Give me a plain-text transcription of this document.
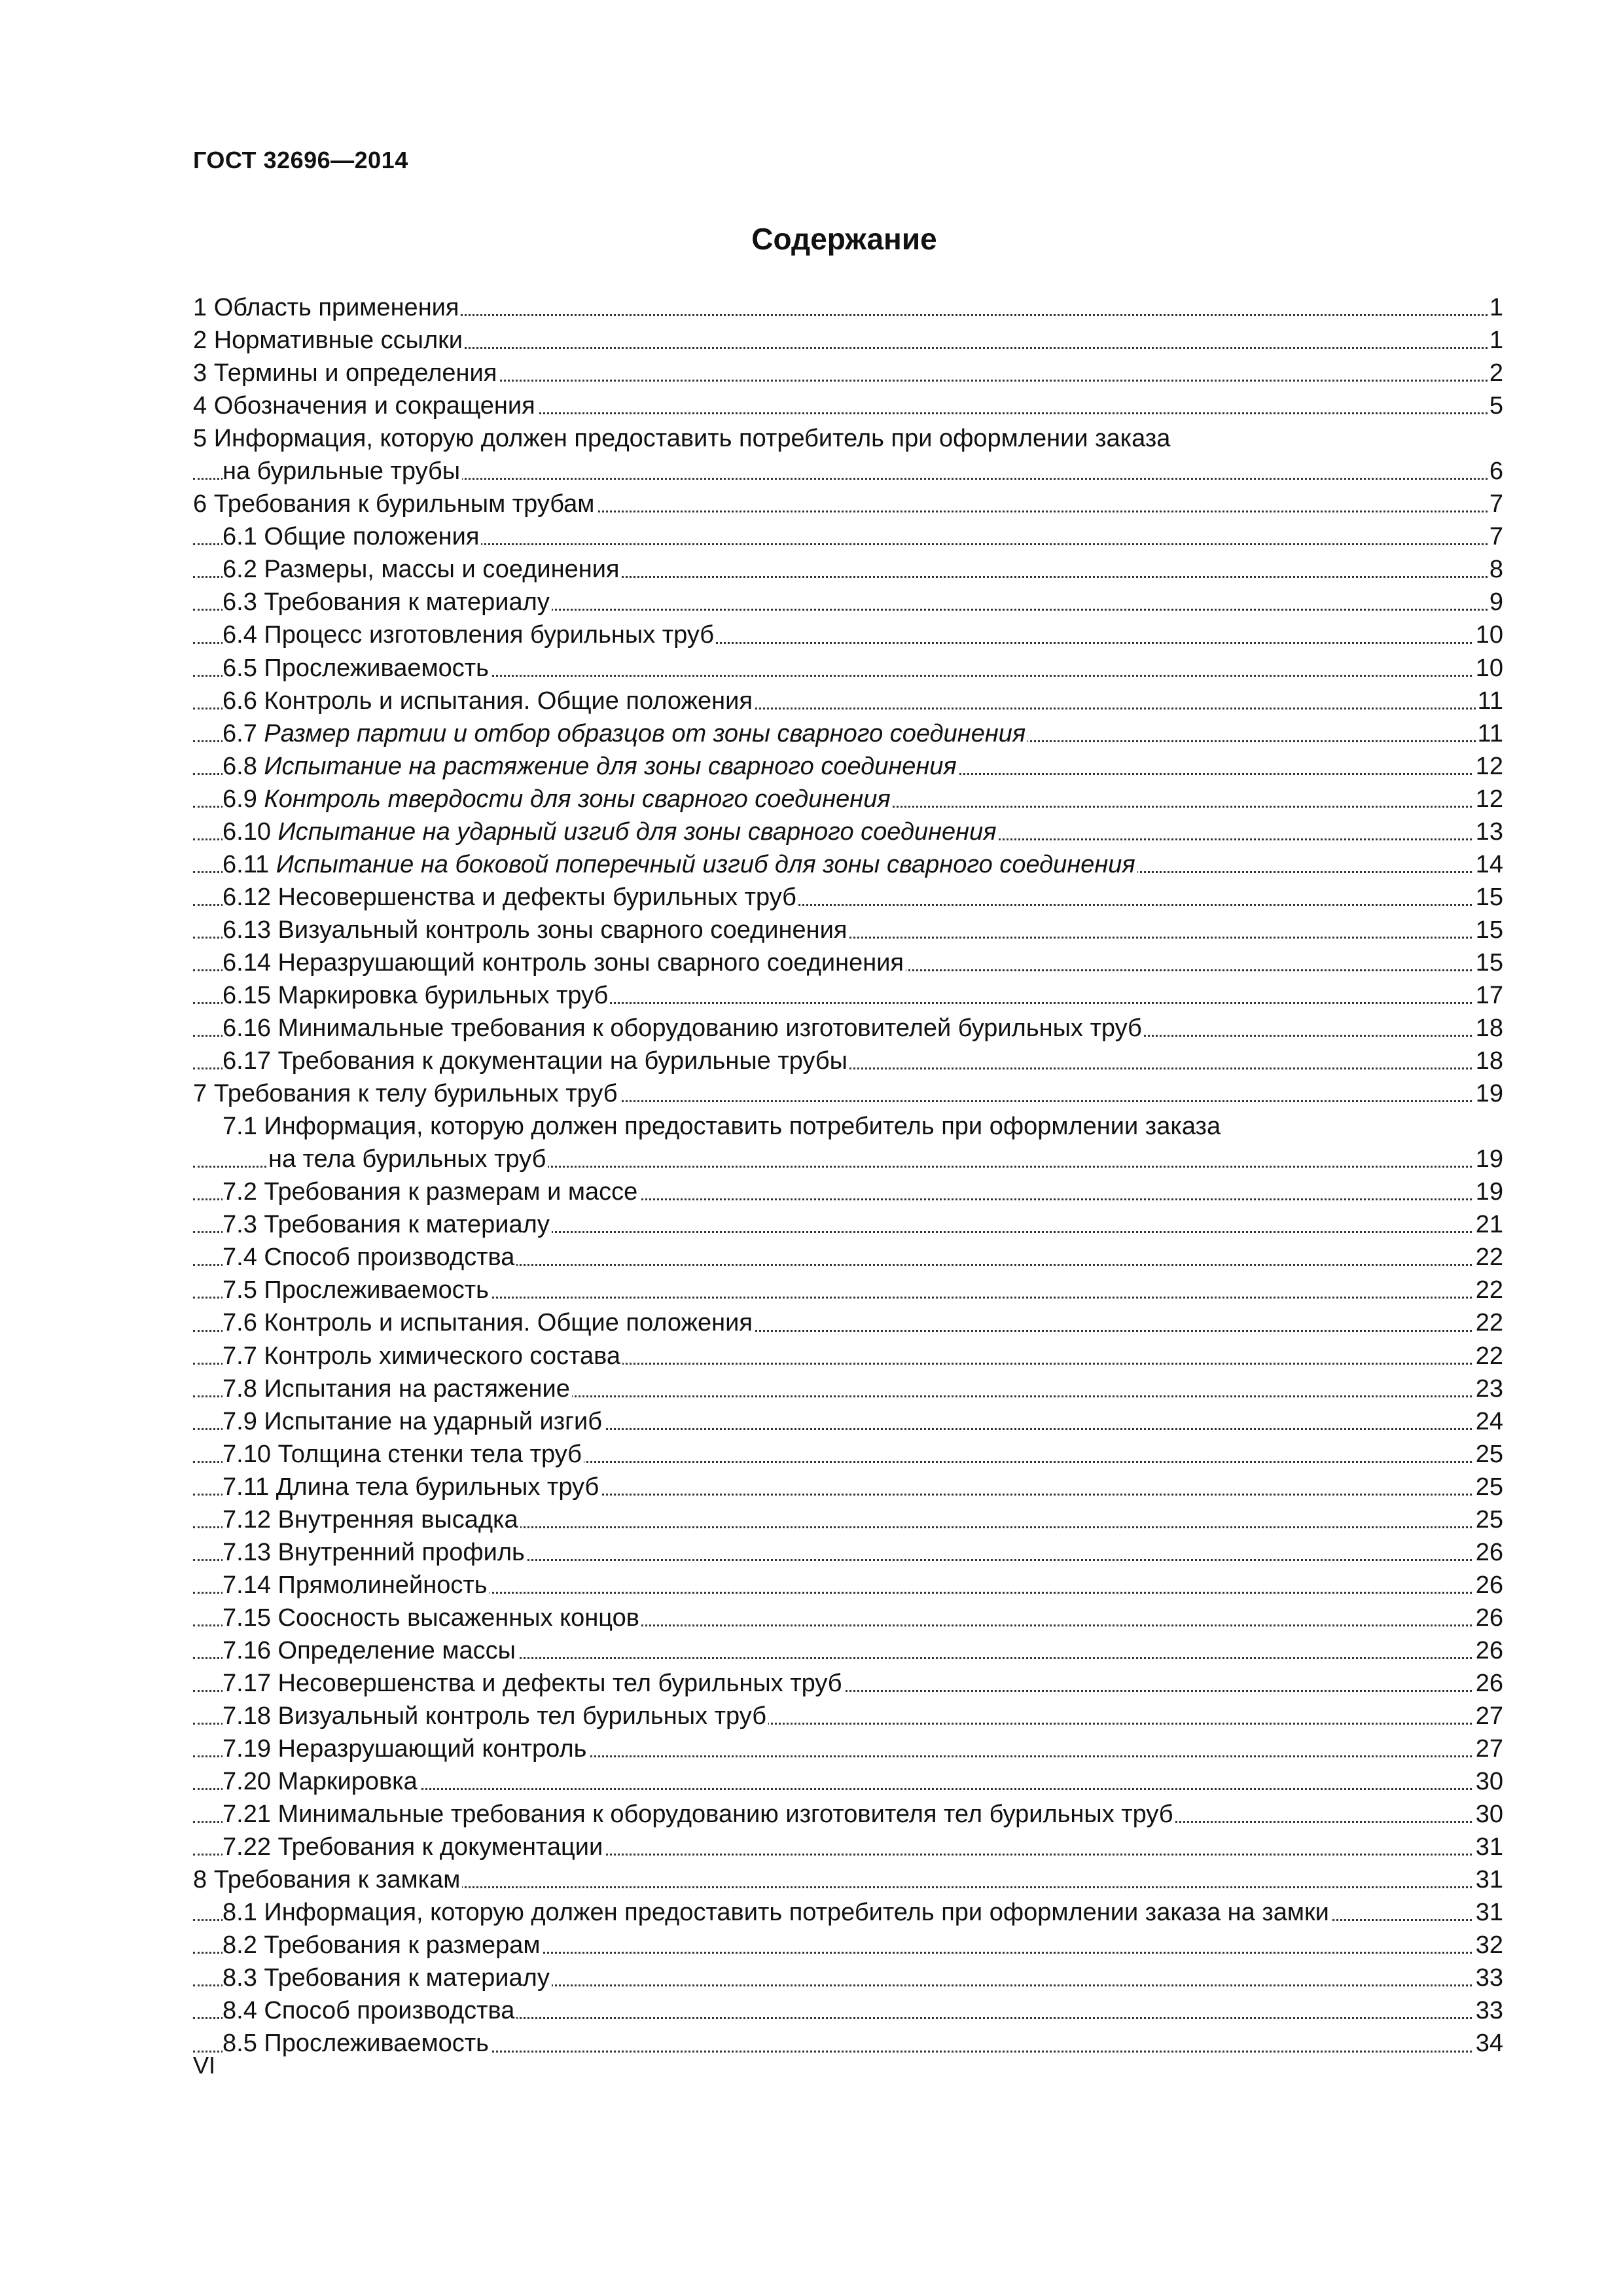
ГОСТ 32696—2014
Содержание
1 Область применения	1
2 Нормативные ссылки	1
3 Термины и определения	2
4 Обозначения и сокращения	5
5 Информация, которую должен предоставить потребитель при оформлении заказа
на бурильные трубы	6
6 Требования к бурильным трубам	7
6.1 Общие положения	7
6.2 Размеры, массы и соединения	8
6.3 Требования к материалу	9
6.4 Процесс изготовления бурильных труб	10
6.5 Прослеживаемость	10
6.6 Контроль и испытания. Общие положения	11
6.7 Размер партии и отбор образцов от зоны сварного соединения	11
6.8 Испытание на растяжение для зоны сварного соединения	12
6.9 Контроль твердости для зоны сварного соединения	12
6.10 Испытание на ударный изгиб для зоны сварного соединения	13
6.11 Испытание на боковой поперечный изгиб для зоны сварного соединения	14
6.12 Несовершенства и дефекты бурильных труб	15
6.13 Визуальный контроль зоны сварного соединения	15
6.14 Неразрушающий контроль зоны сварного соединения	15
6.15 Маркировка бурильных труб	17
6.16 Минимальные требования к оборудованию изготовителей бурильных труб	18
6.17 Требования к документации на бурильные трубы	18
7 Требования к телу бурильных труб	19
7.1 Информация, которую должен предоставить потребитель при оформлении заказа
на тела бурильных труб	19
7.2 Требования к размерам и массе	19
7.3 Требования к материалу	21
7.4 Способ производства	22
7.5 Прослеживаемость	22
7.6 Контроль и испытания. Общие положения	22
7.7 Контроль химического состава	22
7.8 Испытания на растяжение	23
7.9 Испытание на ударный изгиб	24
7.10 Толщина стенки тела труб	25
7.11 Длина тела бурильных труб	25
7.12 Внутренняя высадка	25
7.13 Внутренний профиль	26
7.14 Прямолинейность	26
7.15 Соосность высаженных концов	26
7.16 Определение массы	26
7.17 Несовершенства и дефекты тел бурильных труб	26
7.18 Визуальный контроль тел бурильных труб	27
7.19 Неразрушающий контроль	27
7.20 Маркировка	30
7.21 Минимальные требования к оборудованию изготовителя тел бурильных труб	30
7.22 Требования к документации	31
8 Требования к замкам	31
8.1 Информация, которую должен предоставить потребитель при оформлении заказа на замки	31
8.2 Требования к размерам	32
8.3 Требования к материалу	33
8.4 Способ производства	33
8.5 Прослеживаемость	34
VI
